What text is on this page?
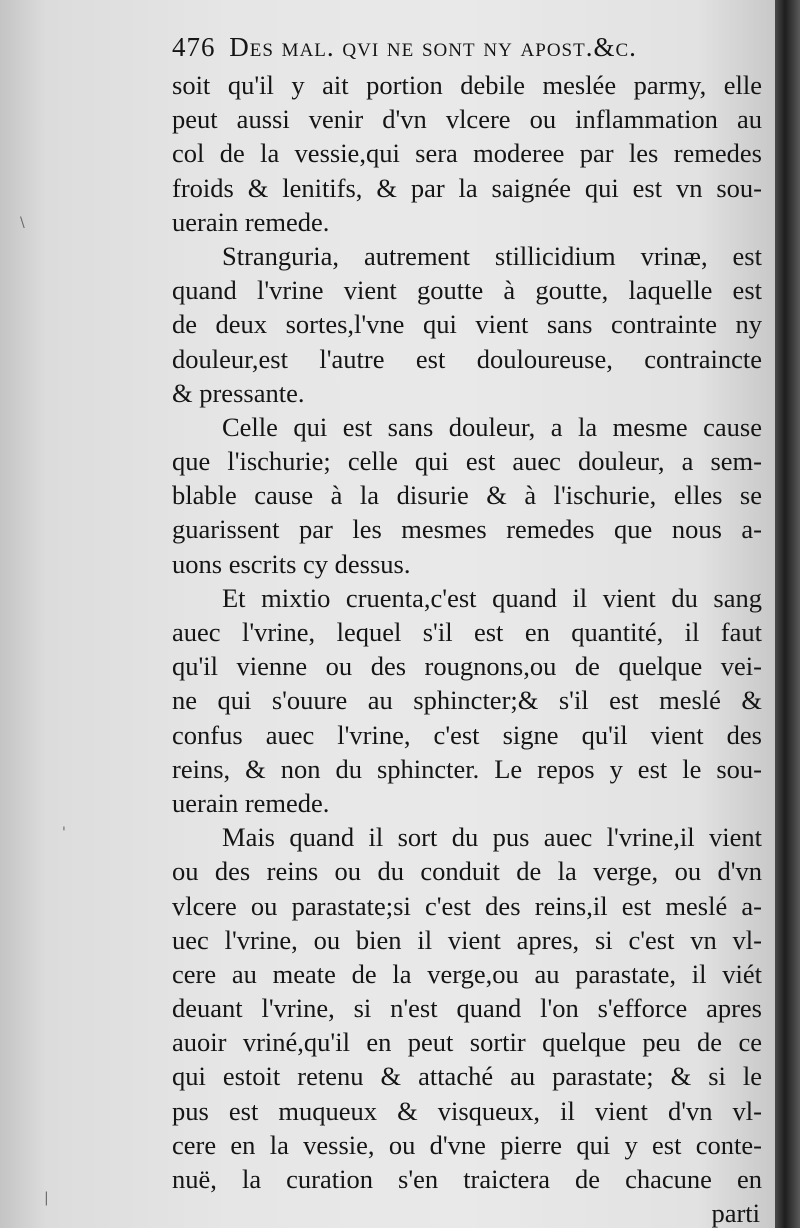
476 Des mal. qvi ne sont ny apost.&c.
soit qu'il y ait portion debile meslée parmy, elle
peut aussi venir d'vn vlcere ou inflammation au
col de la vessie,qui sera moderee par les remedes
froids & lenitifs, & par la saignée qui est vn sou-
uerain remede.
Stranguria, autrement stillicidium vrinæ, est
quand l'vrine vient goutte à goutte, laquelle est
de deux sortes,l'vne qui vient sans contrainte ny
douleur,est l'autre est douloureuse, contraincte
& pressante.
Celle qui est sans douleur, a la mesme cause
que l'ischurie; celle qui est auec douleur, a sem-
blable cause à la disurie & à l'ischurie, elles se
guarissent par les mesmes remedes que nous a-
uons escrits cy dessus.
Et mixtio cruenta,c'est quand il vient du sang
auec l'vrine, lequel s'il est en quantité, il faut
qu'il vienne ou des rougnons,ou de quelque vei-
ne qui s'ouure au sphincter;& s'il est meslé &
confus auec l'vrine, c'est signe qu'il vient des
reins, & non du sphincter. Le repos y est le sou-
uerain remede.
Mais quand il sort du pus auec l'vrine,il vient
ou des reins ou du conduit de la verge, ou d'vn
vlcere ou parastate;si c'est des reins,il est meslé a-
uec l'vrine, ou bien il vient apres, si c'est vn vl-
cere au meate de la verge,ou au parastate, il viét
deuant l'vrine, si n'est quand l'on s'efforce apres
auoir vriné,qu'il en peut sortir quelque peu de ce
qui estoit retenu & attaché au parastate; & si le
pus est muqueux & visqueux, il vient d'vn vl-
cere en la vessie, ou d'vne pierre qui y est conte-
nuë, la curation s'en traictera de chacune en
parti
\
'
|
